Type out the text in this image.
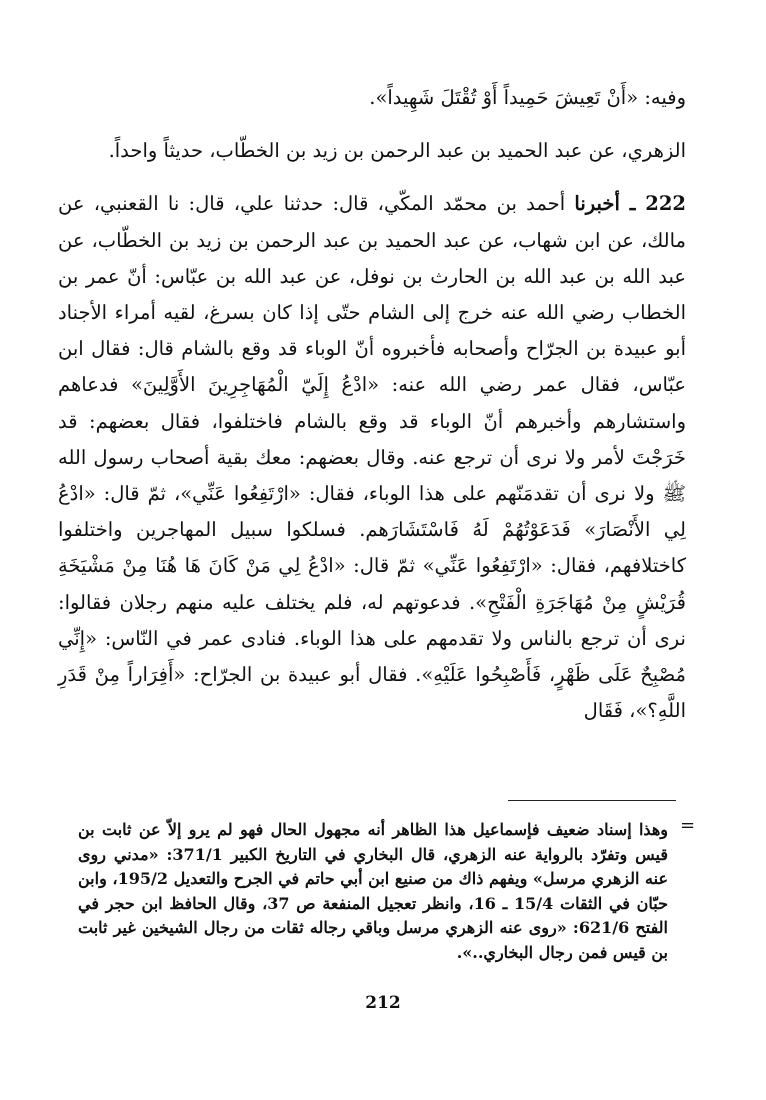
وفيه: «أَنْ تَعِيشَ حَمِيداً أَوْ تُقْتَلَ شَهِيداً».

الزهري، عن عبد الحميد بن عبد الرحمن بن زيد بن الخطّاب، حديثاً واحداً.

222 ـ أخبرنا أحمد بن محمّد المكّي، قال: حدثنا علي، قال: نا القعنبي، عن مالك، عن ابن شهاب، عن عبد الحميد بن عبد الرحمن بن زيد بن الخطّاب، عن عبد الله بن عبد الله بن الحارث بن نوفل، عن عبد الله بن عبّاس: أنّ عمر بن الخطاب رضي الله عنه خرج إلى الشام حتّى إذا كان بسرغ، لقيه أمراء الأجناد أبو عبيدة بن الجرّاح وأصحابه فأخبروه أنّ الوباء قد وقع بالشام قال: فقال ابن عبّاس، فقال عمر رضي الله عنه: «ادْعُ إِلَيّ الْمُهَاجِرِينَ الأَوَّلِينَ» فدعاهم واستشارهم وأخبرهم أنّ الوباء قد وقع بالشام فاختلفوا، فقال بعضهم: قد خَرَجْتَ لأمر ولا نرى أن ترجع عنه. وقال بعضهم: معك بقية أصحاب رسول الله ﷺ ولا نرى أن تقدمَنّهم على هذا الوباء، فقال: «ارْتَفِعُوا عَنِّي»، ثمّ قال: «ادْعُ لِي الأَنْصَارَ» فَدَعَوْتُهُمْ لَهُ فَاسْتَشَارَهم. فسلكوا سبيل المهاجرين واختلفوا كاختلافهم، فقال: «ارْتَفِعُوا عَنِّي» ثمّ قال: «ادْعُ لِي مَنْ كَانَ هَا هُنَا مِنْ مَشْيَخَةِ قُرَيْشٍ مِنْ مُهَاجَرَةِ الْفَتْحِ». فدعوتهم له، فلم يختلف عليه منهم رجلان فقالوا: نرى أن ترجع بالناس ولا تقدمهم على هذا الوباء. فنادى عمر في النّاس: «إِنِّي مُصْبِحٌ عَلَى ظَهْرٍ، فَأَصْبِحُوا عَلَيْهِ». فقال أبو عبيدة بن الجرّاح: «أَفِرَاراً مِنْ قَدَرِ اللَّهِ؟»، فَقَال

=

وهذا إسناد ضعيف فإسماعيل هذا الظاهر أنه مجهول الحال فهو لم يرو إلاّ عن ثابت بن قيس وتفرّد بالرواية عنه الزهري، قال البخاري في التاريخ الكبير 371/1: «مدني روى عنه الزهري مرسل» ويفهم ذاك من صنيع ابن أبي حاتم في الجرح والتعديل 195/2، وابن حبّان في الثقات 15/4 ـ 16، وانظر تعجيل المنفعة ص 37، وقال الحافظ ابن حجر في الفتح 621/6: «روى عنه الزهري مرسل وباقي رجاله ثقات من رجال الشيخين غير ثابت بن قيس فمن رجال البخاري..».

212
